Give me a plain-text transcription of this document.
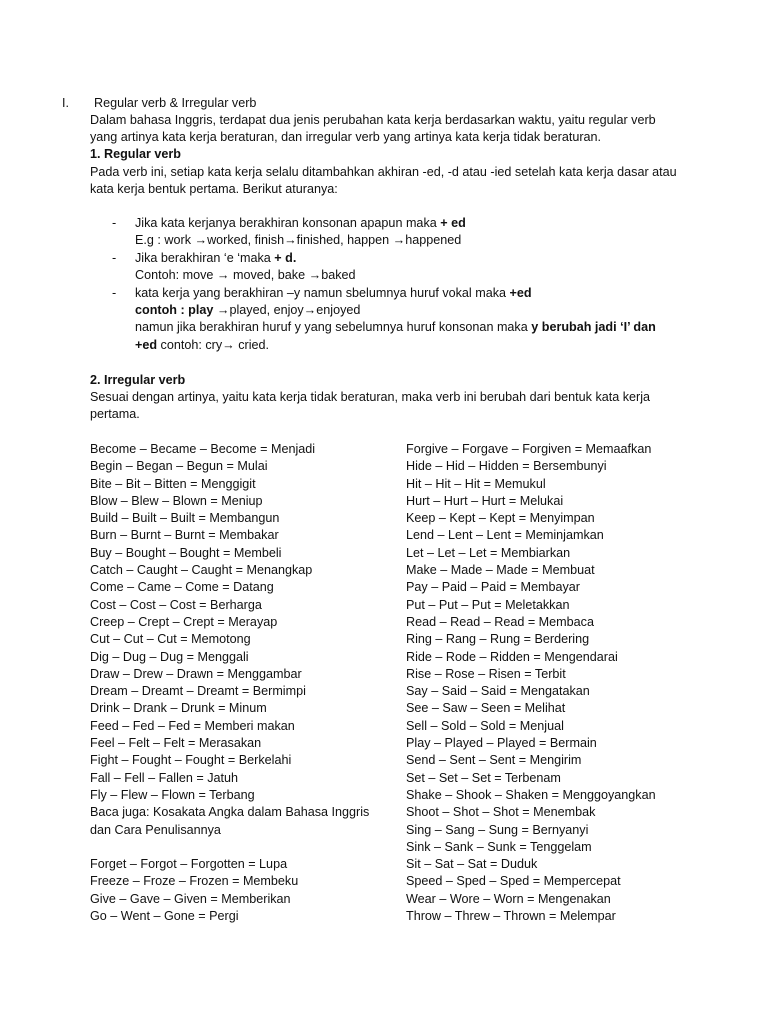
I. Regular verb & Irregular verb
Dalam bahasa Inggris, terdapat dua jenis perubahan kata kerja berdasarkan waktu, yaitu regular verb
yang artinya kata kerja beraturan, dan irregular verb yang artinya kata kerja tidak beraturan.
1. Regular verb
Pada verb ini, setiap kata kerja selalu ditambahkan akhiran -ed, -d atau -ied setelah kata kerja dasar atau
kata kerja bentuk pertama. Berikut aturanya:
- Jika kata kerjanya berakhiran konsonan apapun maka + ed
E.g : work →worked, finish→finished, happen →happened
- Jika berakhiran ‘e ‘maka + d.
Contoh: move → moved, bake →baked
- kata kerja yang berakhiran –y namun sbelumnya huruf vokal maka +ed
contoh : play →played, enjoy→enjoyed
namun jika berakhiran huruf y yang sebelumnya huruf konsonan maka y berubah jadi ‘I’ dan
+ed contoh: cry→ cried.
2. Irregular verb
Sesuai dengan artinya, yaitu kata kerja tidak beraturan, maka verb ini berubah dari bentuk kata kerja
pertama.
Become – Became – Become = Menjadi
Begin – Began – Begun = Mulai
Bite – Bit – Bitten = Menggigit
Blow – Blew – Blown = Meniup
Build – Built – Built = Membangun
Burn – Burnt – Burnt = Membakar
Buy – Bought – Bought = Membeli
Catch – Caught – Caught = Menangkap
Come – Came – Come = Datang
Cost – Cost – Cost = Berharga
Creep – Crept – Crept = Merayap
Cut – Cut – Cut = Memotong
Dig – Dug – Dug = Menggali
Draw – Drew – Drawn = Menggambar
Dream – Dreamt – Dreamt = Bermimpi
Drink – Drank – Drunk = Minum
Feed – Fed – Fed = Memberi makan
Feel – Felt – Felt = Merasakan
Fight – Fought – Fought = Berkelahi
Fall – Fell – Fallen = Jatuh
Fly – Flew – Flown = Terbang
Baca juga: Kosakata Angka dalam Bahasa Inggris
dan Cara Penulisannya
Forget – Forgot – Forgotten = Lupa
Freeze – Froze – Frozen = Membeku
Give – Gave – Given = Memberikan
Go – Went – Gone = Pergi
Forgive – Forgave – Forgiven = Memaafkan
Hide – Hid – Hidden = Bersembunyi
Hit – Hit – Hit = Memukul
Hurt – Hurt – Hurt = Melukai
Keep – Kept – Kept = Menyimpan
Lend – Lent – Lent = Meminjamkan
Let – Let – Let = Membiarkan
Make – Made – Made = Membuat
Pay – Paid – Paid = Membayar
Put – Put – Put = Meletakkan
Read – Read – Read = Membaca
Ring – Rang – Rung = Berdering
Ride – Rode – Ridden = Mengendarai
Rise – Rose – Risen = Terbit
Say – Said – Said = Mengatakan
See – Saw – Seen = Melihat
Sell – Sold – Sold = Menjual
Play – Played – Played = Bermain
Send – Sent – Sent = Mengirim
Set – Set – Set = Terbenam
Shake – Shook – Shaken = Menggoyangkan
Shoot – Shot – Shot = Menembak
Sing – Sang – Sung = Bernyanyi
Sink – Sank – Sunk = Tenggelam
Sit – Sat – Sat = Duduk
Speed – Sped – Sped = Mempercepat
Wear – Wore – Worn = Mengenakan
Throw – Threw – Thrown = Melempar
